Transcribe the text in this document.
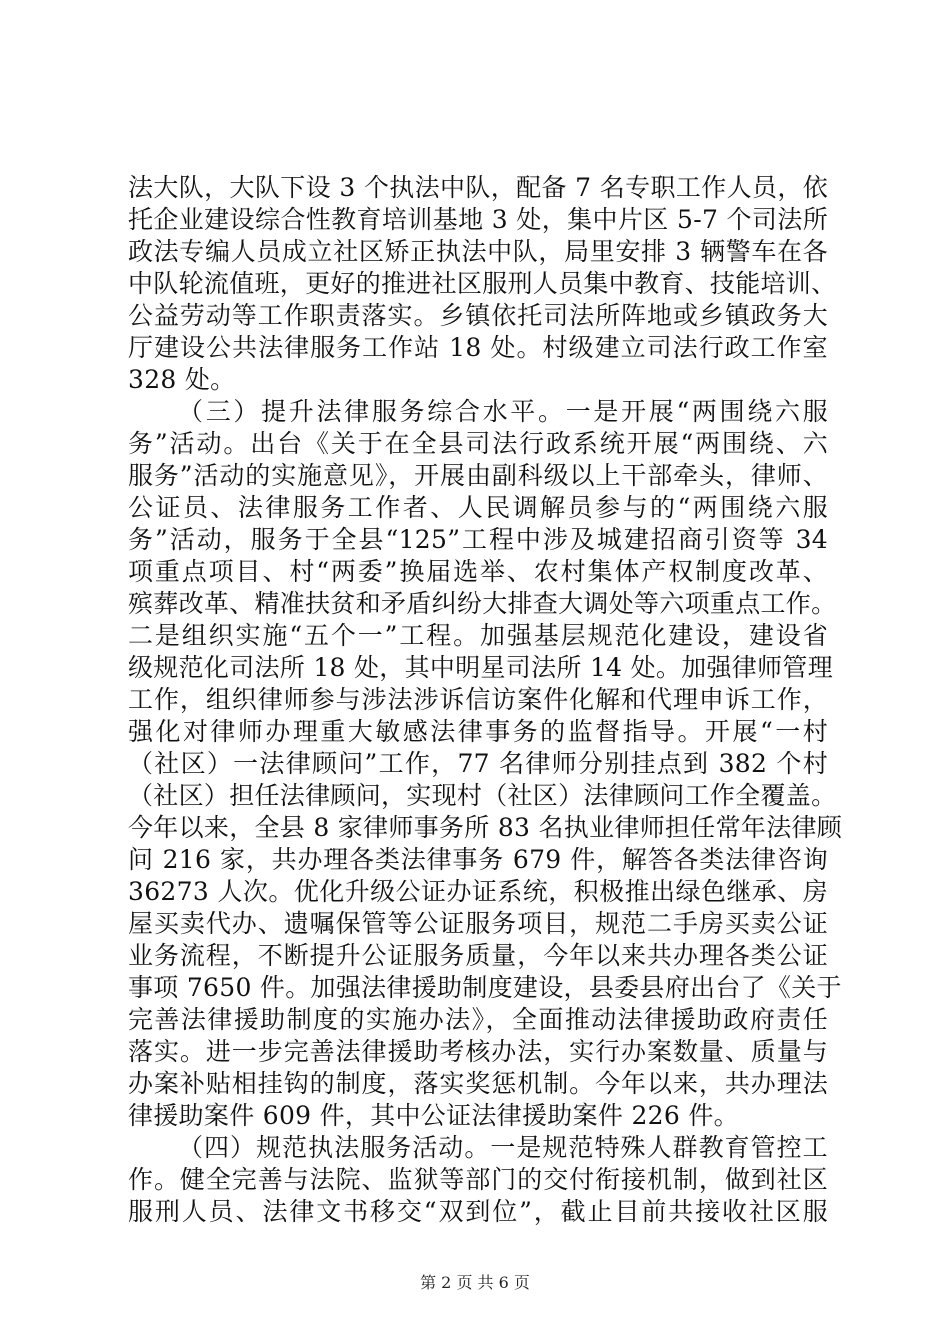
法大队，大队下设 3 个执法中队，配备 7 名专职工作人员，依
托企业建设综合性教育培训基地 3 处，集中片区 5-7 个司法所
政法专编人员成立社区矫正执法中队，局里安排 3 辆警车在各
中队轮流值班，更好的推进社区服刑人员集中教育、技能培训、
公益劳动等工作职责落实。乡镇依托司法所阵地或乡镇政务大
厅建设公共法律服务工作站 18 处。村级建立司法行政工作室
328 处。
（三）提升法律服务综合水平。一是开展“两围绕六服
务”活动。出台《关于在全县司法行政系统开展“两围绕、六
服务”活动的实施意见》，开展由副科级以上干部牵头，律师、
公证员、法律服务工作者、人民调解员参与的“两围绕六服
务”活动，服务于全县“125”工程中涉及城建招商引资等 34
项重点项目、村“两委”换届选举、农村集体产权制度改革、
殡葬改革、精准扶贫和矛盾纠纷大排查大调处等六项重点工作。
二是组织实施“五个一”工程。加强基层规范化建设，建设省
级规范化司法所 18 处，其中明星司法所 14 处。加强律师管理
工作，组织律师参与涉法涉诉信访案件化解和代理申诉工作，
强化对律师办理重大敏感法律事务的监督指导。开展“一村
（社区）一法律顾问”工作，77 名律师分别挂点到 382 个村
（社区）担任法律顾问，实现村（社区）法律顾问工作全覆盖。
今年以来，全县 8 家律师事务所 83 名执业律师担任常年法律顾
问 216 家，共办理各类法律事务 679 件，解答各类法律咨询
36273 人次。优化升级公证办证系统，积极推出绿色继承、房
屋买卖代办、遗嘱保管等公证服务项目，规范二手房买卖公证
业务流程，不断提升公证服务质量，今年以来共办理各类公证
事项 7650 件。加强法律援助制度建设，县委县府出台了《关于
完善法律援助制度的实施办法》，全面推动法律援助政府责任
落实。进一步完善法律援助考核办法，实行办案数量、质量与
办案补贴相挂钩的制度，落实奖惩机制。今年以来，共办理法
律援助案件 609 件，其中公证法律援助案件 226 件。
（四）规范执法服务活动。一是规范特殊人群教育管控工
作。健全完善与法院、监狱等部门的交付衔接机制，做到社区
服刑人员、法律文书移交“双到位”，截止目前共接收社区服
第 2 页 共 6 页
